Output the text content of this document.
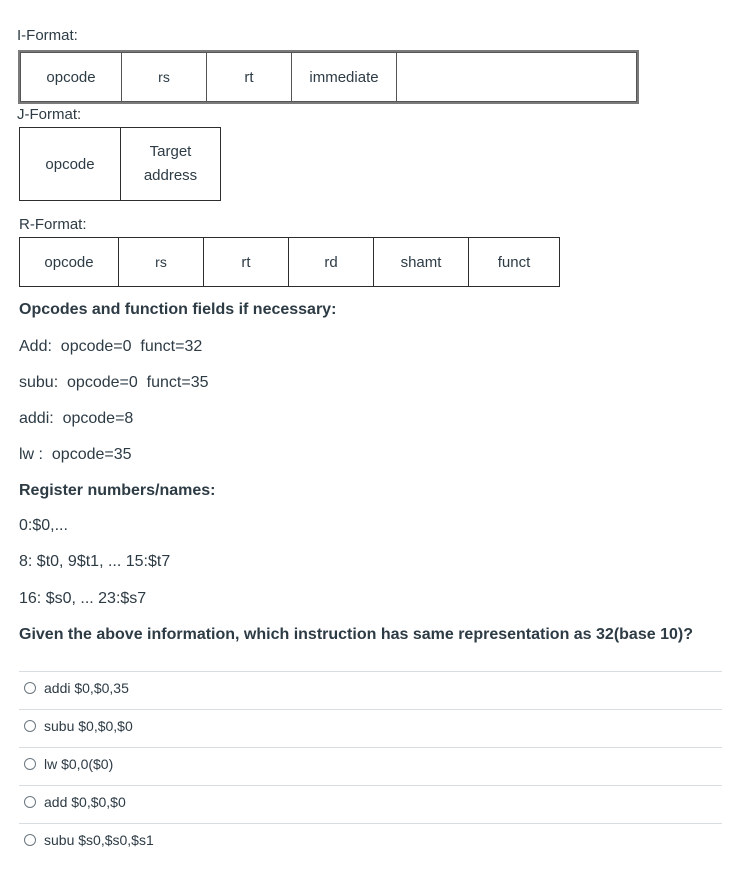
I-Format:
opcode	rs	rt	immediate	
J-Format:
opcode	Target address
R-Format:
opcode	rs	rt	rd	shamt	funct
Opcodes and function fields if necessary:
Add:  opcode=0  funct=32
subu:  opcode=0  funct=35
addi:  opcode=8
lw :  opcode=35
Register numbers/names:
0:$0,...
8: $t0, 9$t1, ... 15:$t7
16: $s0, ... 23:$s7
Given the above information, which instruction has same representation as 32(base 10)?
addi $0,$0,35
subu $0,$0,$0
lw $0,0($0)
add $0,$0,$0
subu $s0,$s0,$s1
